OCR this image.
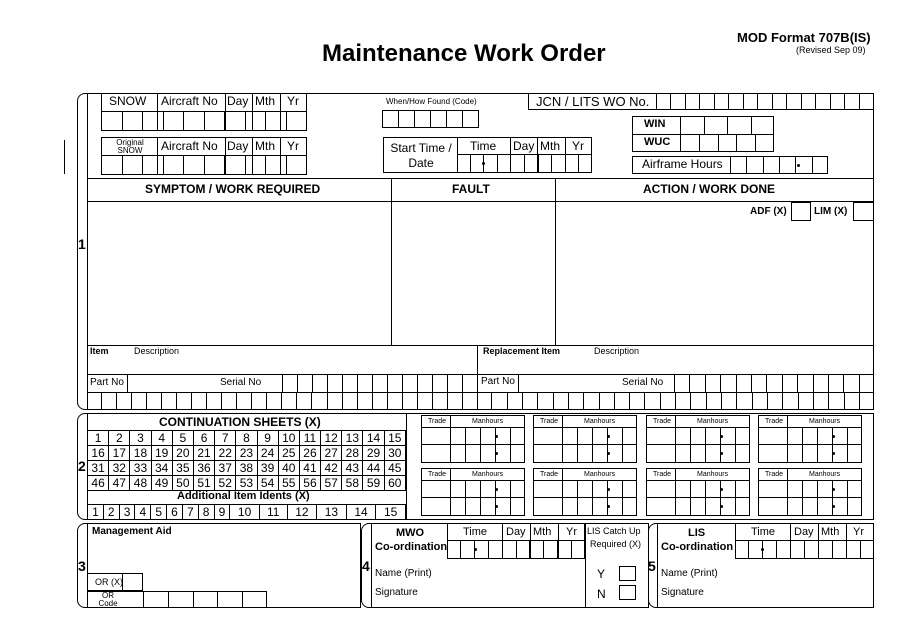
Maintenance Work Order
MOD Format 707B(IS)
(Revised Sep 09)
1
SNOW Aircraft No Day Mth Yr	When/How Found (Code)	JCN / LITS WO No.
WIN
WUC
Original SNOW	Aircraft No Day Mth Yr	Start Time / Date
Time Day Mth Yr
Airframe Hours
SYMPTOM / WORK REQUIRED	FAULT	ACTION / WORK DONE
ADF (X)	LIM (X)
Item	Description	Replacement Item	Description
Part No	Serial No	Part No	Serial No
2
CONTINUATION SHEETS (X)
1	2	3	4	5	6	7	8	9	10	11	12	13	14	15
16	17	18	19	20	21	22	23	24	25	26	27	28	29	30
31	32	33	34	35	36	37	38	39	40	41	42	43	44	45
46	47	48	49	50	51	52	53	54	55	56	57	58	59	60
Additional Item Idents (X)
1	2	3	4	5	6	7	8	9	10	11	12	13	14	15
Trade	Manhours	Trade	Manhours	Trade	Manhours	Trade	Manhours
Trade	Manhours	Trade	Manhours	Trade	Manhours	Trade	Manhours
3
Management Aid
OR (X)
OR Code
4
MWO
Co-ordination
Time Day Mth Yr LIS Catch Up
Required (X)
Name (Print)
Signature
Y
N
5
LIS
Co-ordination
Time Day Mth Yr
Name (Print)
Signature
